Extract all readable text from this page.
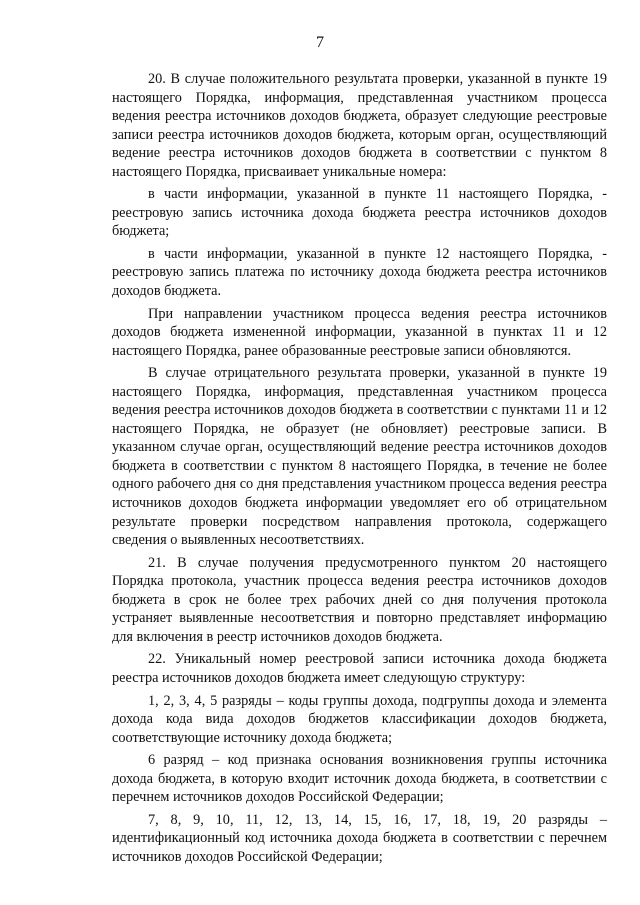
7

20. В случае положительного результата проверки, указанной в пункте 19 настоящего Порядка, информация, представленная участником процесса ведения реестра источников доходов бюджета, образует следующие реестровые записи реестра источников доходов бюджета, которым орган, осуществляющий ведение реестра источников доходов бюджета в соответствии с пунктом 8 настоящего Порядка, присваивает уникальные номера:

в части информации, указанной в пункте 11 настоящего Порядка, - реестровую запись источника дохода бюджета реестра источников доходов бюджета;

в части информации, указанной в пункте 12 настоящего Порядка, - реестровую запись платежа по источнику дохода бюджета реестра источников доходов бюджета.

При направлении участником процесса ведения реестра источников доходов бюджета измененной информации, указанной в пунктах 11 и 12 настоящего Порядка, ранее образованные реестровые записи обновляются.

В случае отрицательного результата проверки, указанной в пункте 19 настоящего Порядка, информация, представленная участником процесса ведения реестра источников доходов бюджета в соответствии с пунктами 11 и 12 настоящего Порядка, не образует (не обновляет) реестровые записи. В указанном случае орган, осуществляющий ведение реестра источников доходов бюджета в соответствии с пунктом 8 настоящего Порядка, в течение не более одного рабочего дня со дня представления участником процесса ведения реестра источников доходов бюджета информации уведомляет его об отрицательном результате проверки посредством направления протокола, содержащего сведения о выявленных несоответствиях.

21. В случае получения предусмотренного пунктом 20 настоящего Порядка протокола, участник процесса ведения реестра источников доходов бюджета в срок не более трех рабочих дней со дня получения протокола устраняет выявленные несоответствия и повторно представляет информацию для включения в реестр источников доходов бюджета.

22. Уникальный номер реестровой записи источника дохода бюджета реестра источников доходов бюджета имеет следующую структуру:

1, 2, 3, 4, 5 разряды – коды группы дохода, подгруппы дохода и элемента дохода кода вида доходов бюджетов классификации доходов бюджета, соответствующие источнику дохода бюджета;

6 разряд – код признака основания возникновения группы источника дохода бюджета, в которую входит источник дохода бюджета, в соответствии с перечнем источников доходов Российской Федерации;

7, 8, 9, 10, 11, 12, 13, 14, 15, 16, 17, 18, 19, 20 разряды – идентификационный код источника дохода бюджета в соответствии с перечнем источников доходов Российской Федерации;
